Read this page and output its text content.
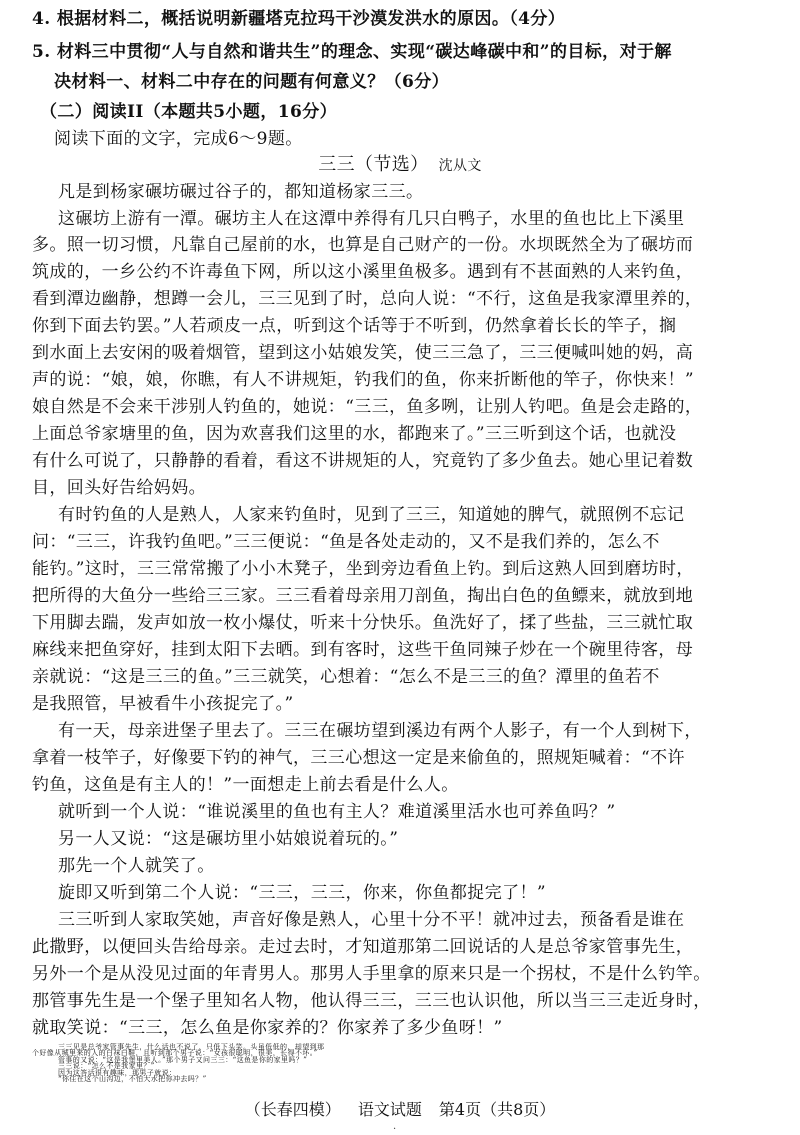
4. 根据材料二，概括说明新疆塔克拉玛干沙漠发洪水的原因。（4分）
5. 材料三中贯彻“人与自然和谐共生”的理念、实现“碳达峰碳中和”的目标，对于解
决材料一、材料二中存在的问题有何意义？（6分）
（二）阅读II（本题共5小题，16分）
阅读下面的文字，完成6～9题。
三三（节选） 沈从文
凡是到杨家碾坊碾过谷子的，都知道杨家三三。
这碾坊上游有一潭。碾坊主人在这潭中养得有几只白鸭子，水里的鱼也比上下溪里
多。照一切习惯，凡靠自己屋前的水，也算是自己财产的一份。水坝既然全为了碾坊而
筑成的，一乡公约不许毒鱼下网，所以这小溪里鱼极多。遇到有不甚面熟的人来钓鱼，
看到潭边幽静，想蹲一会儿，三三见到了时，总向人说：“不行，这鱼是我家潭里养的，
你到下面去钓罢。”人若顽皮一点，听到这个话等于不听到，仍然拿着长长的竿子，搁
到水面上去安闲的吸着烟管，望到这小姑娘发笑，使三三急了，三三便喊叫她的妈，高
声的说：“娘，娘，你瞧，有人不讲规矩，钓我们的鱼，你来折断他的竿子，你快来！”
娘自然是不会来干涉别人钓鱼的，她说：“三三，鱼多咧，让别人钓吧。鱼是会走路的，
上面总爷家塘里的鱼，因为欢喜我们这里的水，都跑来了。”三三听到这个话，也就没
有什么可说了，只静静的看着，看这不讲规矩的人，究竟钓了多少鱼去。她心里记着数
目，回头好告给妈妈。
有时钓鱼的人是熟人，人家来钓鱼时，见到了三三，知道她的脾气，就照例不忘记
问：“三三，许我钓鱼吧。”三三便说：“鱼是各处走动的，又不是我们养的，怎么不
能钓。”这时，三三常常搬了小小木凳子，坐到旁边看鱼上钓。到后这熟人回到磨坊时，
把所得的大鱼分一些给三三家。三三看着母亲用刀剖鱼，掏出白色的鱼鳔来，就放到地
下用脚去踹，发声如放一枚小爆仗，听来十分快乐。鱼洗好了，揉了些盐，三三就忙取
麻线来把鱼穿好，挂到太阳下去晒。到有客时，这些干鱼同辣子炒在一个碗里待客，母
亲就说：“这是三三的鱼。”三三就笑，心想着：“怎么不是三三的鱼？潭里的鱼若不
是我照管，早被看牛小孩捉完了。”
有一天，母亲进堡子里去了。三三在碾坊望到溪边有两个人影子，有一个人到树下，
拿着一枝竿子，好像要下钓的神气，三三心想这一定是来偷鱼的，照规矩喊着：“不许
钓鱼，这鱼是有主人的！”一面想走上前去看是什么人。
就听到一个人说：“谁说溪里的鱼也有主人？难道溪里活水也可养鱼吗？”
另一人又说：“这是碾坊里小姑娘说着玩的。”
那先一个人就笑了。
旋即又听到第二个人说：“三三，三三，你来，你鱼都捉完了！”
三三听到人家取笑她，声音好像是熟人，心里十分不平！就冲过去，预备看是谁在
此撒野，以便回头告给母亲。走过去时，才知道那第二回说话的人是总爷家管事先生，
另外一个是从没见过面的年青男人。那男人手里拿的原来只是一个拐杖，不是什么钓竿。
那管事先生是一个堡子里知名人物，他认得三三，三三也认识他，所以当三三走近身时，
就取笑说：“三三，怎么鱼是你家养的？你家养了多少鱼呀！”
三三见是总爷家管事先生，什么话也不说了，只低下头笑。头虽低低的，却望到那
个好像从城里来的人的白袜白鞋，且听到那个男子说：“女孩很聪明，很美，长得不坏。”
管事的又说：“这是我堡里美人。”那个男子又问三三：“这鱼是你的家里吗？”
三三说：“怎么不是我家里？”
因为这答话很有趣味，那男子就说：
“你住在这个山沟边，不怕大水把你冲去吗？”
（长春四模） 语文试题 第4页（共8页）
·
